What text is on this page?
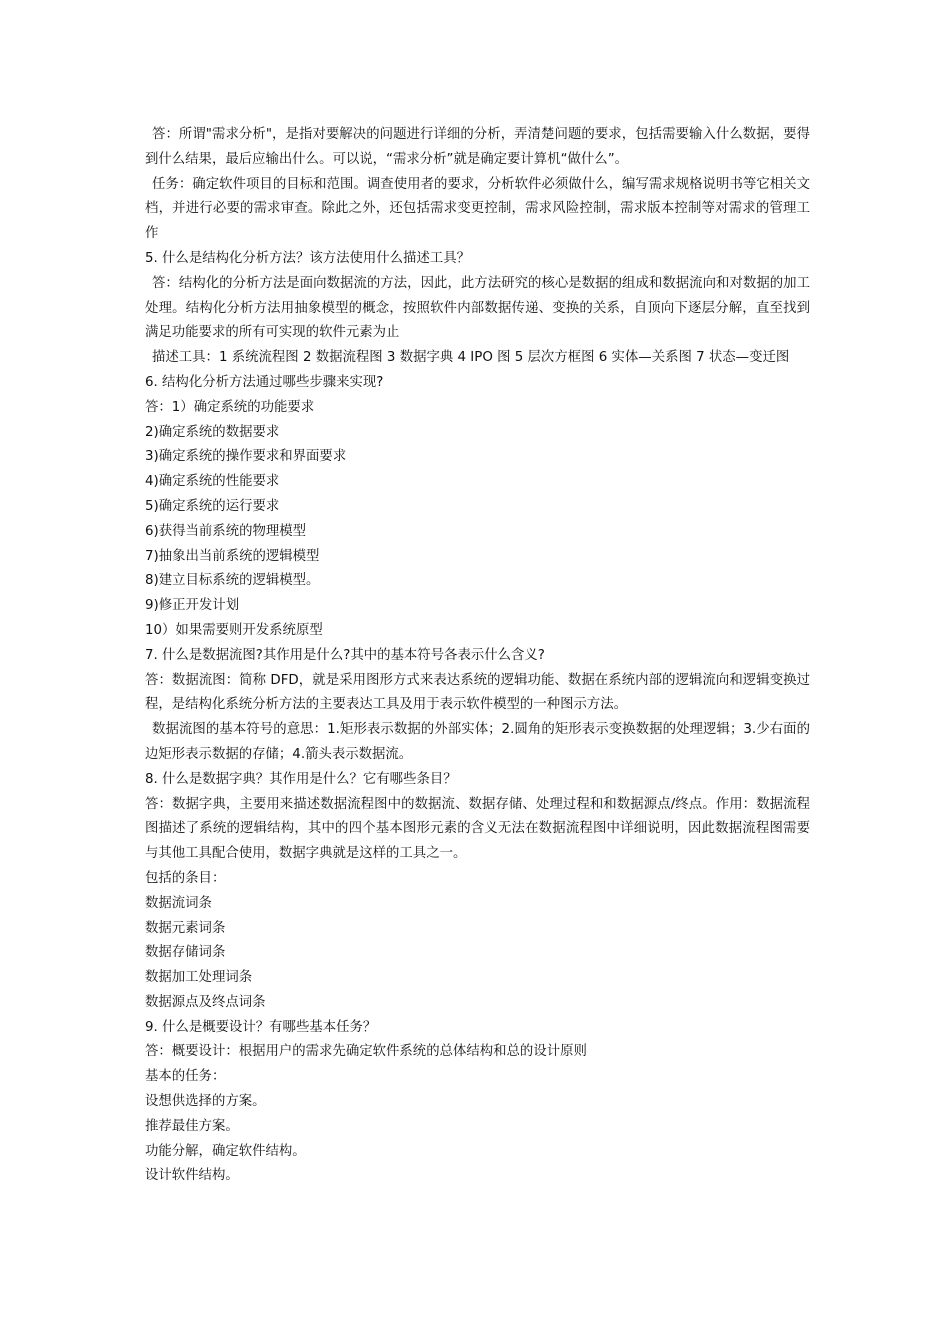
答：所谓"需求分析"，是指对要解决的问题进行详细的分析，弄清楚问题的要求，包括需要输入什么数据，要得到什么结果，最后应输出什么。可以说，“需求分析”就是确定要计算机“做什么”。

任务：确定软件项目的目标和范围。调查使用者的要求，分析软件必须做什么，编写需求规格说明书等它相关文档，并进行必要的需求审查。除此之外，还包括需求变更控制，需求风险控制，需求版本控制等对需求的管理工作

5. 什么是结构化分析方法？该方法使用什么描述工具？

答：结构化的分析方法是面向数据流的方法，因此，此方法研究的核心是数据的组成和数据流向和对数据的加工处理。结构化分析方法用抽象模型的概念，按照软件内部数据传递、变换的关系，自顶向下逐层分解，直至找到满足功能要求的所有可实现的软件元素为止

描述工具：1 系统流程图 2 数据流程图 3 数据字典 4 IPO 图 5 层次方框图 6 实体—关系图 7 状态—变迁图

6. 结构化分析方法通过哪些步骤来实现?

答：1）确定系统的功能要求

2)确定系统的数据要求

3)确定系统的操作要求和界面要求

4)确定系统的性能要求

5)确定系统的运行要求

6)获得当前系统的物理模型

7)抽象出当前系统的逻辑模型

8)建立目标系统的逻辑模型。

9)修正开发计划

10）如果需要则开发系统原型

7. 什么是数据流图?其作用是什么?其中的基本符号各表示什么含义?

答：数据流图：简称 DFD，就是采用图形方式来表达系统的逻辑功能、数据在系统内部的逻辑流向和逻辑变换过程，是结构化系统分析方法的主要表达工具及用于表示软件模型的一种图示方法。

数据流图的基本符号的意思：1.矩形表示数据的外部实体；2.圆角的矩形表示变换数据的处理逻辑；3.少右面的边矩形表示数据的存储；4.箭头表示数据流。

8. 什么是数据字典？其作用是什么？它有哪些条目？

答：数据字典，主要用来描述数据流程图中的数据流、数据存储、处理过程和和数据源点/终点。作用：数据流程图描述了系统的逻辑结构，其中的四个基本图形元素的含义无法在数据流程图中详细说明，因此数据流程图需要与其他工具配合使用，数据字典就是这样的工具之一。

包括的条目：

数据流词条

数据元素词条

数据存储词条

数据加工处理词条

数据源点及终点词条

9. 什么是概要设计？有哪些基本任务？

答：概要设计：根据用户的需求先确定软件系统的总体结构和总的设计原则

基本的任务：

设想供选择的方案。

推荐最佳方案。

功能分解，确定软件结构。

设计软件结构。
